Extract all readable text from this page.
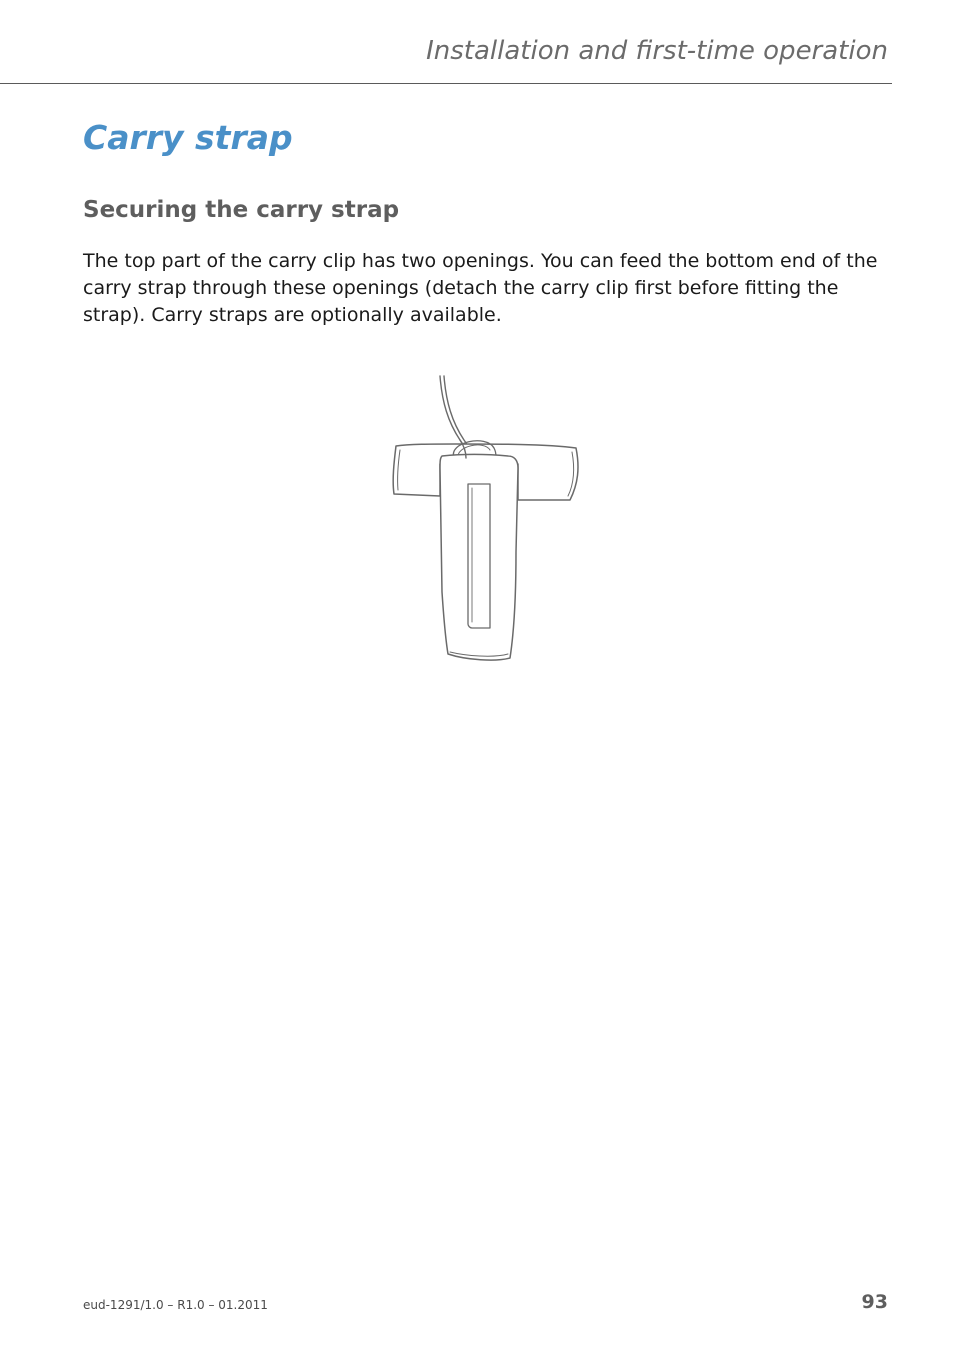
Installation and first-time operation
Carry strap
Securing the carry strap

The top part of the carry clip has two openings. You can feed the bottom end of the carry strap through these openings (detach the carry clip first before fitting the strap). Carry straps are optionally available.

eud-1291/1.0 – R1.0 – 01.2011	93
